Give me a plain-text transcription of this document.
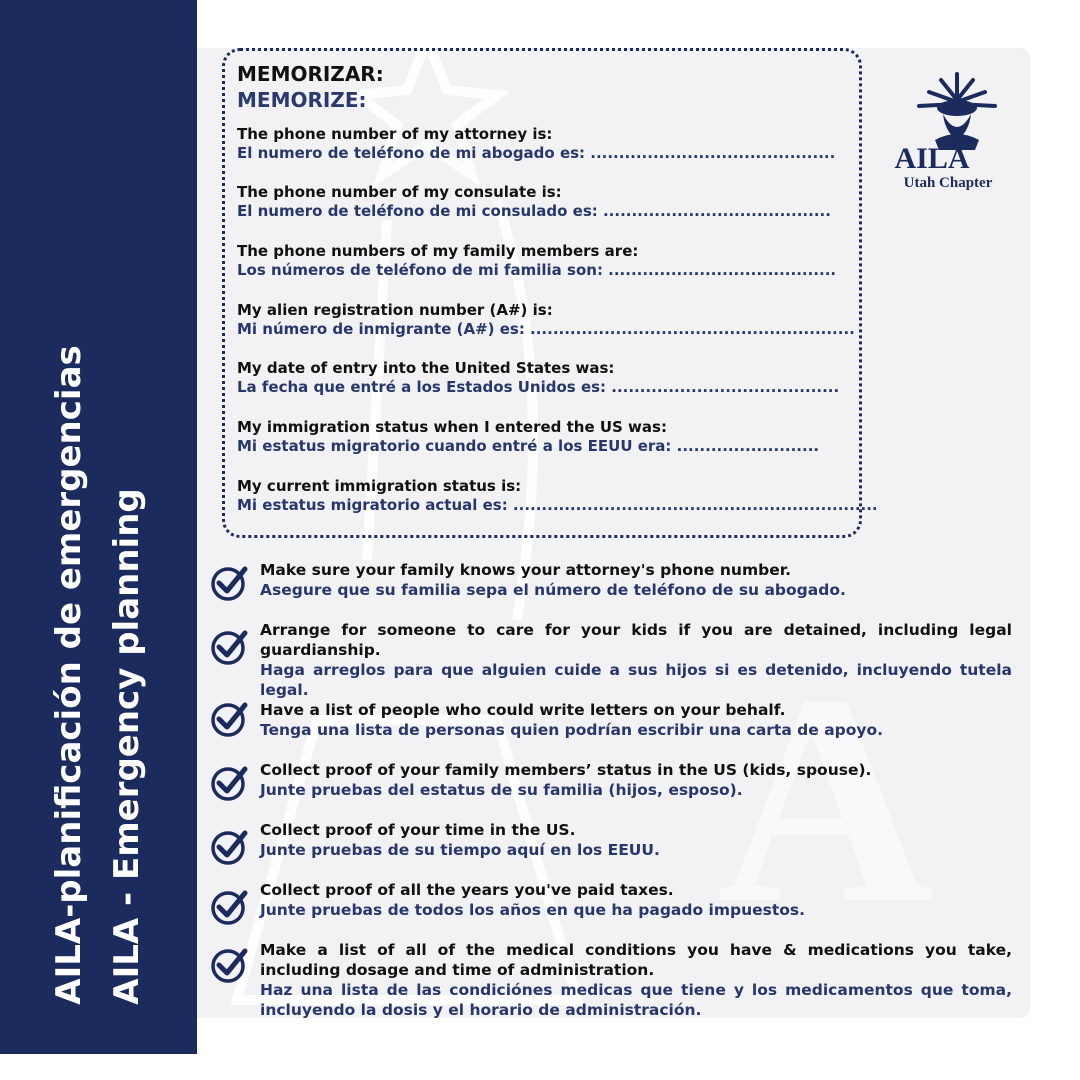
AILA-planificación de emergencias AILA - Emergency planning A
MEMORIZAR:
MEMORIZE:
The phone number of my attorney is:
El numero de teléfono de mi abogado es: ...........................................
The phone number of my consulate is:
El numero de teléfono de mi consulado es: ........................................
The phone numbers of my family members are:
Los números de teléfono de mi familia son: ........................................
My alien registration number (A#) is:
Mi número de inmigrante (A#) es: .........................................................
My date of entry into the United States was:
La fecha que entré a los Estados Unidos es: ........................................
My immigration status when I entered the US was:
Mi estatus migratorio cuando entré a los EEUU era: .........................
My current immigration status is:
Mi estatus migratorio actual es: ................................................................
AILA
Utah Chapter
Make sure your family knows your attorney's phone number.
Asegure que su familia sepa el número de teléfono de su abogado.
Arrange for someone to care for your kids if you are detained, including legal guardianship.
Haga arreglos para que alguien cuide a sus hijos si es detenido, incluyendo tutela legal.
Have a list of people who could write letters on your behalf.
Tenga una lista de personas quien podrían escribir una carta de apoyo.
Collect proof of your family members’ status in the US (kids, spouse).
Junte pruebas del estatus de su familia (hijos, esposo).
Collect proof of your time in the US.
Junte pruebas de su tiempo aquí en los EEUU.
Collect proof of all the years you've paid taxes.
Junte pruebas de todos los años en que ha pagado impuestos.
Make a list of all of the medical conditions you have & medications you take, including dosage and time of administration.
Haz una lista de las condiciónes medicas que tiene y los medicamentos que toma, incluyendo la dosis y el horario de administración.
